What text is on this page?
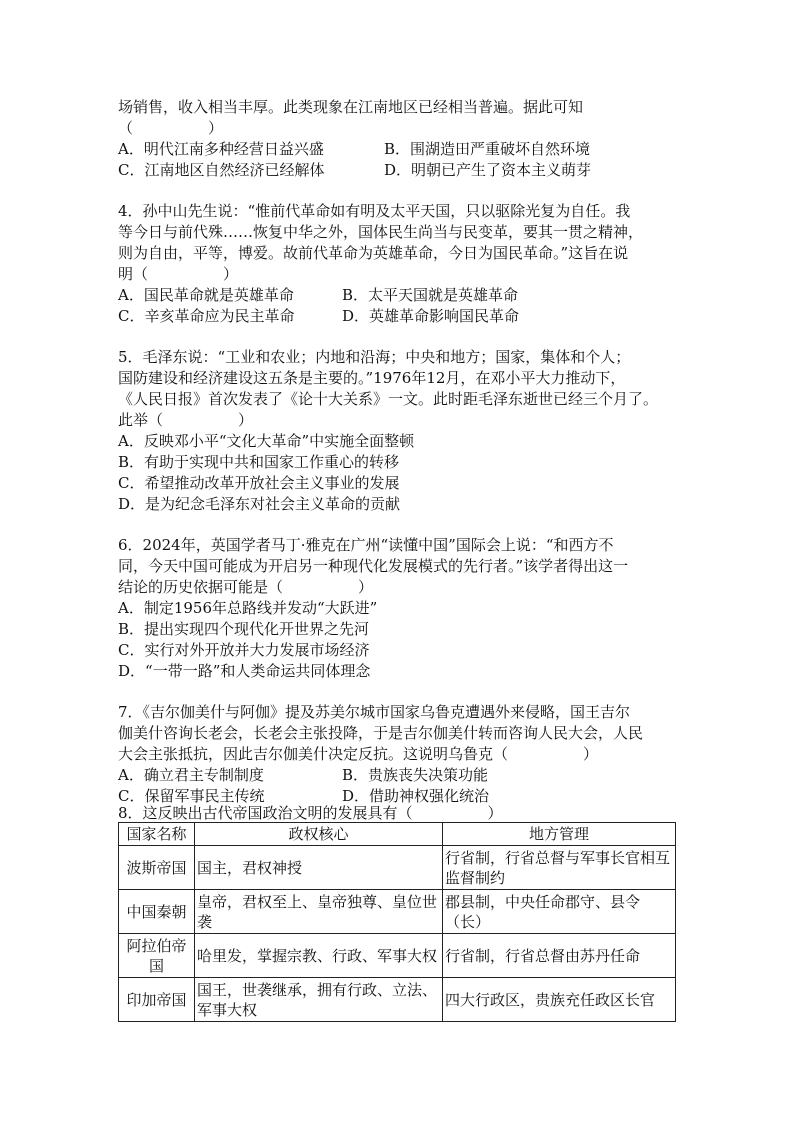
场销售，收入相当丰厚。此类现象在江南地区已经相当普遍。据此可知
（　　　　　）
A．明代江南多种经营日益兴盛	B．围湖造田严重破坏自然环境
C．江南地区自然经济已经解体	D．明朝已产生了资本主义萌芽
4．孙中山先生说：“惟前代革命如有明及太平天国，只以驱除光复为自任。我
等今日与前代殊……恢复中华之外，国体民生尚当与民变革，要其一贯之精神，
则为自由，平等，博爱。故前代革命为英雄革命，今日为国民革命。”这旨在说
明（　　　　　）
A．国民革命就是英雄革命	B．太平天国就是英雄革命
C．辛亥革命应为民主革命	D．英雄革命影响国民革命
5．毛泽东说：“工业和农业；内地和沿海；中央和地方；国家，集体和个人；
国防建设和经济建设这五条是主要的。”1976年12月，在邓小平大力推动下，
《人民日报》首次发表了《论十大关系》一文。此时距毛泽东逝世已经三个月了。
此举（　　　　　）
A．反映邓小平“文化大革命”中实施全面整顿
B．有助于实现中共和国家工作重心的转移
C．希望推动改革开放社会主义事业的发展
D．是为纪念毛泽东对社会主义革命的贡献
6．2024年，英国学者马丁·雅克在广州“读懂中国”国际会上说：“和西方不
同，今天中国可能成为开启另一种现代化发展模式的先行者。”该学者得出这一
结论的历史依据可能是（　　　　　）
A．制定1956年总路线并发动“大跃进”
B．提出实现四个现代化开世界之先河
C．实行对外开放并大力发展市场经济
D．“一带一路”和人类命运共同体理念
7．《吉尔伽美什与阿伽》提及苏美尔城市国家乌鲁克遭遇外来侵略，国王吉尔
伽美什咨询长老会，长老会主张投降，于是吉尔伽美什转而咨询人民大会，人民
大会主张抵抗，因此吉尔伽美什决定反抗。这说明乌鲁克（　　　　　）
A．确立君主专制制度	B．贵族丧失决策功能
C．保留军事民主传统	D．借助神权强化统治
8．这反映出古代帝国政治文明的发展具有（　　　　　）
国家名称	政权核心	地方管理
波斯帝国	国主，君权神授	行省制，行省总督与军事长官相互监督制约
中国秦朝	皇帝，君权至上、皇帝独尊、皇位世袭	郡县制，中央任命郡守、县令（长）
阿拉伯帝国	哈里发，掌握宗教、行政、军事大权	行省制，行省总督由苏丹任命
印加帝国	国王，世袭继承，拥有行政、立法、军事大权	四大行政区，贵族充任政区长官
